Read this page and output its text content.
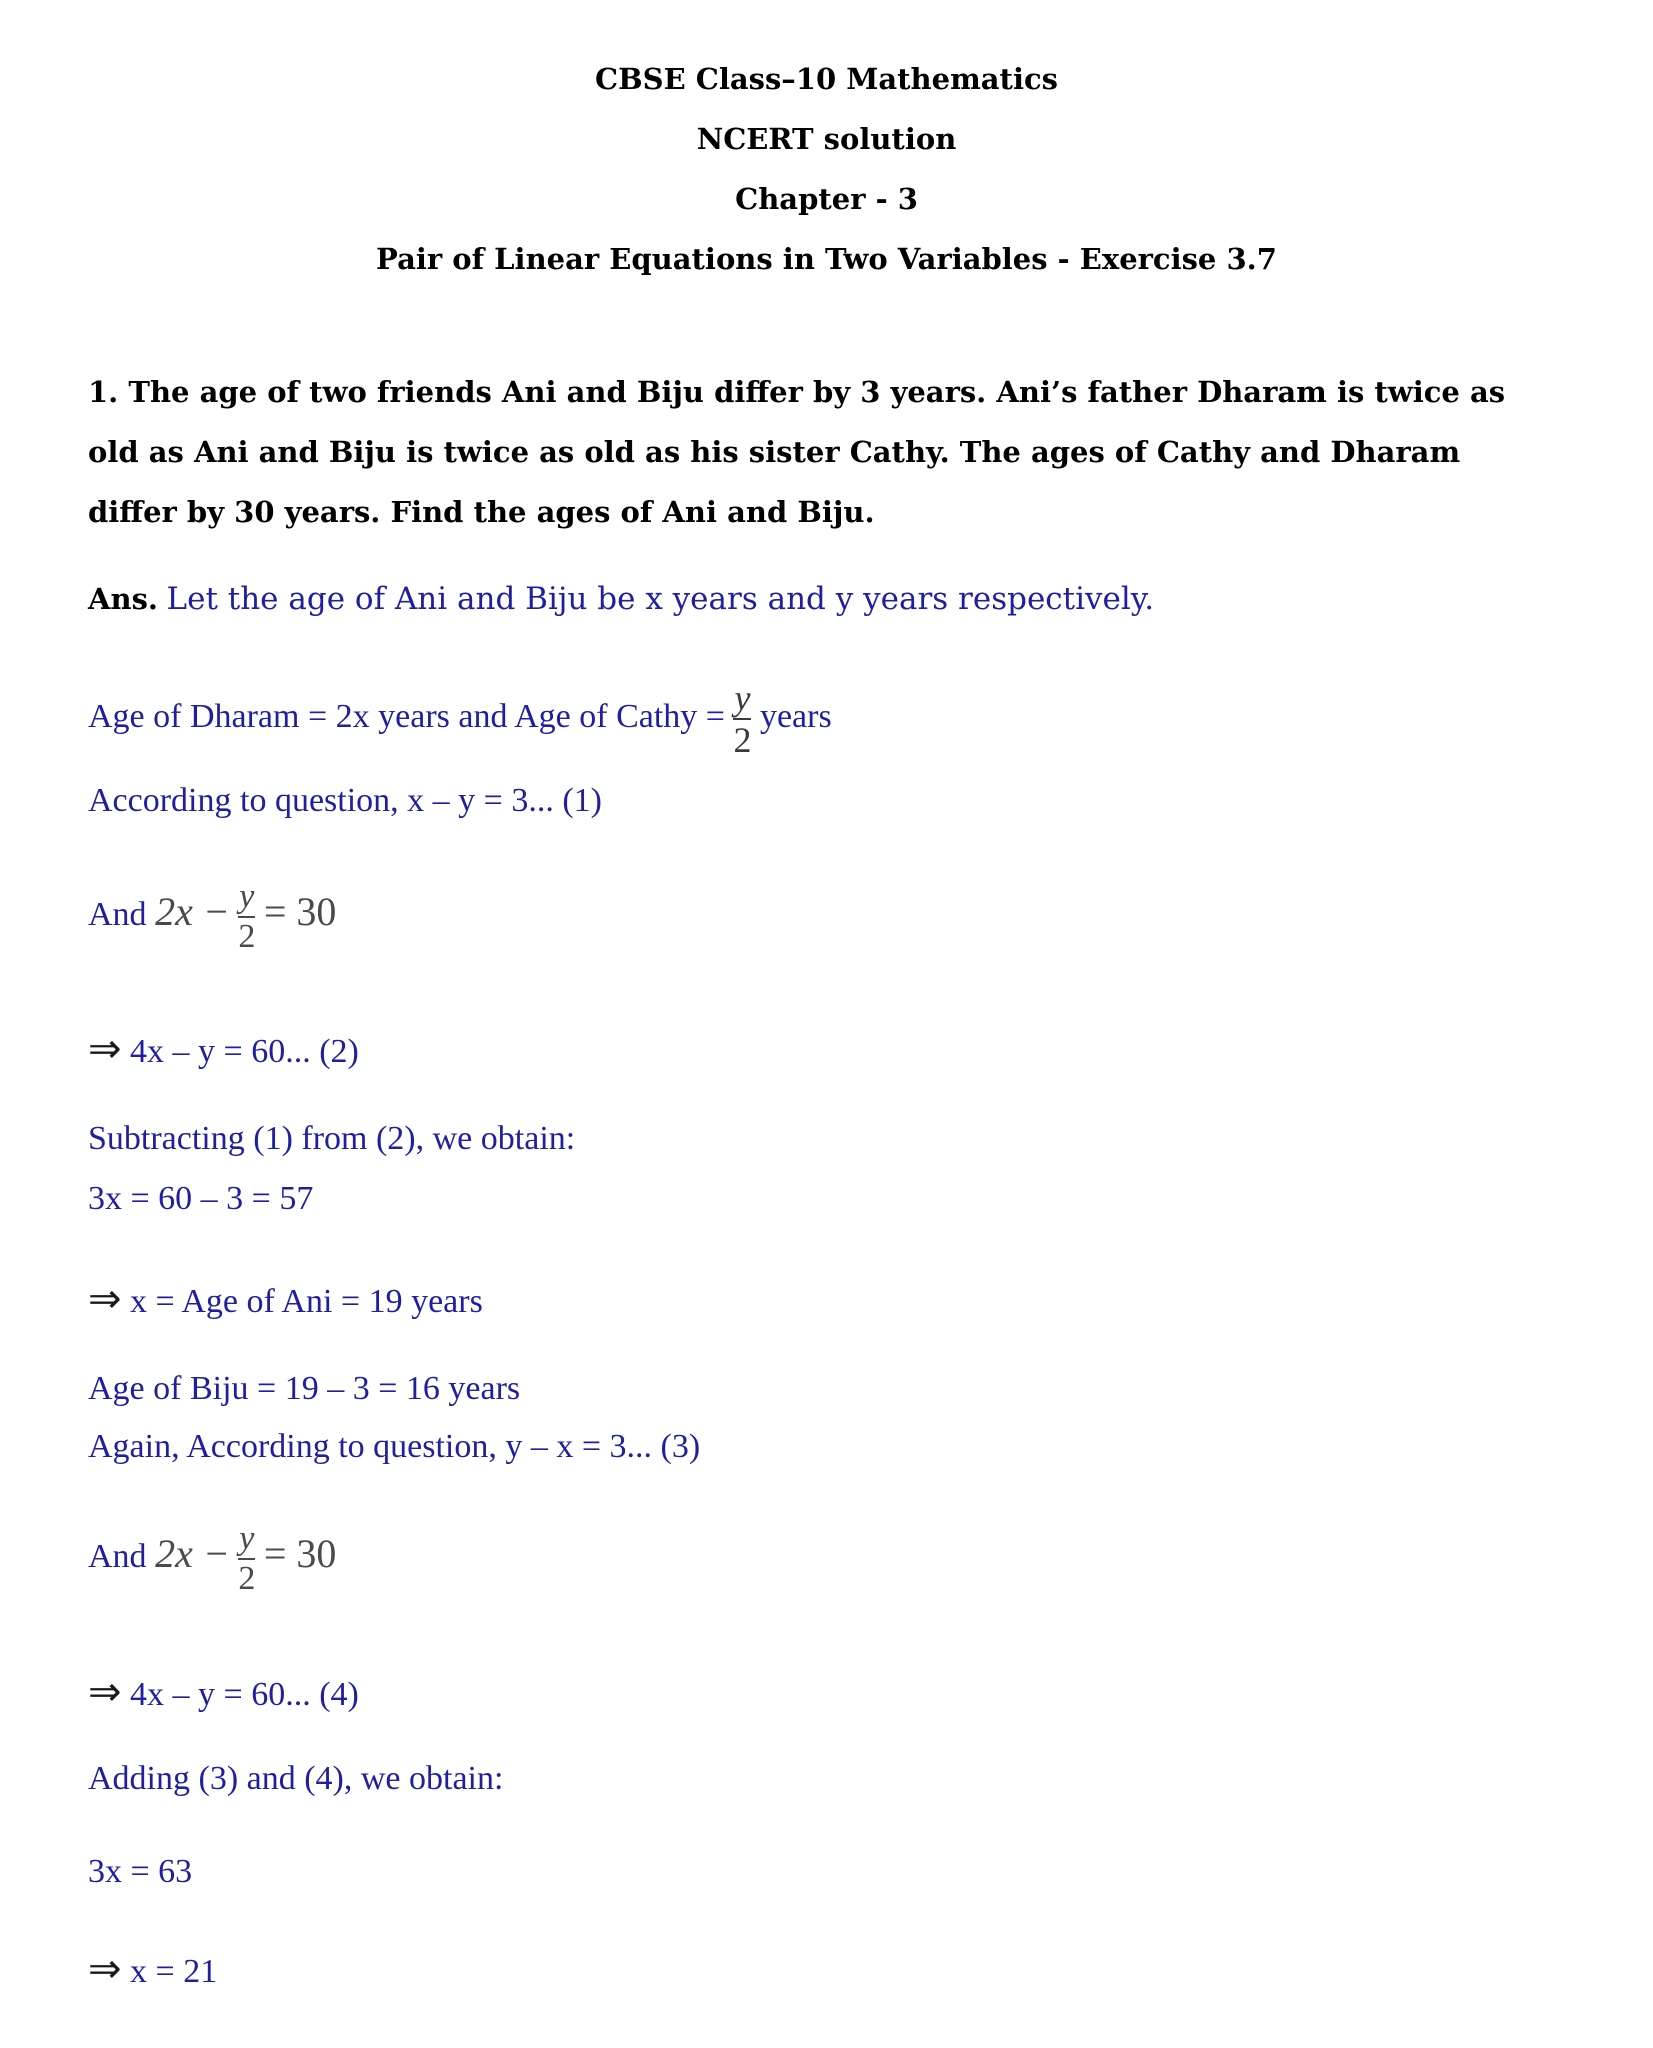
CBSE Class–10 Mathematics
NCERT solution
Chapter - 3
Pair of Linear Equations in Two Variables - Exercise 3.7
1. The age of two friends Ani and Biju differ by 3 years. Ani’s father Dharam is twice as
old as Ani and Biju is twice as old as his sister Cathy. The ages of Cathy and Dharam
differ by 30 years. Find the ages of Ani and Biju.
Ans. Let the age of Ani and Biju be x years and y years respectively.
Age of Dharam = 2x years and Age of Cathy = $\frac{y}{2}$ years
According to question, x – y = 3... (1)
And $2x - \frac{y}{2} = 30$
⇒ 4x – y = 60... (2)
Subtracting (1) from (2), we obtain:
3x = 60 – 3 = 57
⇒ x = Age of Ani = 19 years
Age of Biju = 19 – 3 = 16 years
Again, According to question, y – x = 3... (3)
And $2x - \frac{y}{2} = 30$
⇒ 4x – y = 60... (4)
Adding (3) and (4), we obtain:
3x = 63
⇒ x = 21
